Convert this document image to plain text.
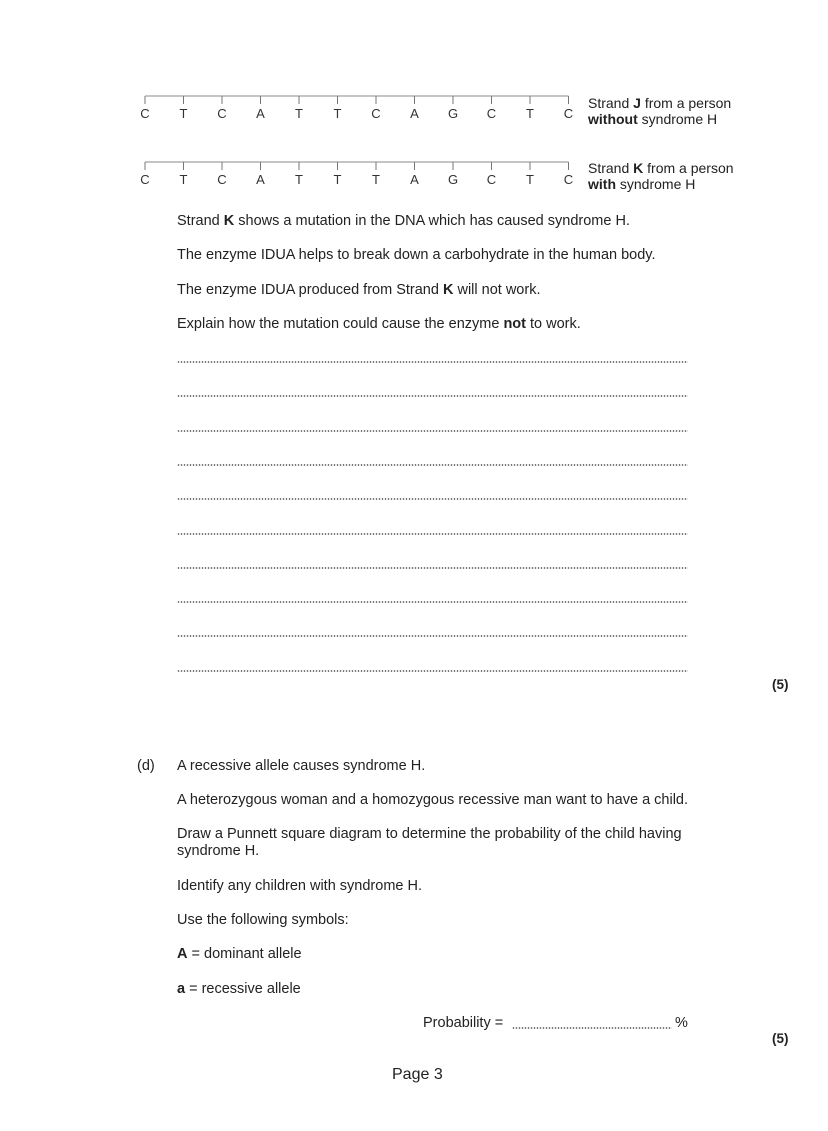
C	T	C	A	T	T	C	A	G	C	T	C
Strand J from a person
without syndrome H
C	T	C	A	T	T	T	A	G	C	T	C
Strand K from a person
with syndrome H
Strand K shows a mutation in the DNA which has caused syndrome H.
The enzyme IDUA helps to break down a carbohydrate in the human body.
The enzyme IDUA produced from Strand K will not work.
Explain how the mutation could cause the enzyme not to work.
(5)
(d) A recessive allele causes syndrome H.
A heterozygous woman and a homozygous recessive man want to have a child.
Draw a Punnett square diagram to determine the probability of the child having
syndrome H.
Identify any children with syndrome H.
Use the following symbols:
A = dominant allele
a = recessive allele
Probability =	%
(5)
Page 3
